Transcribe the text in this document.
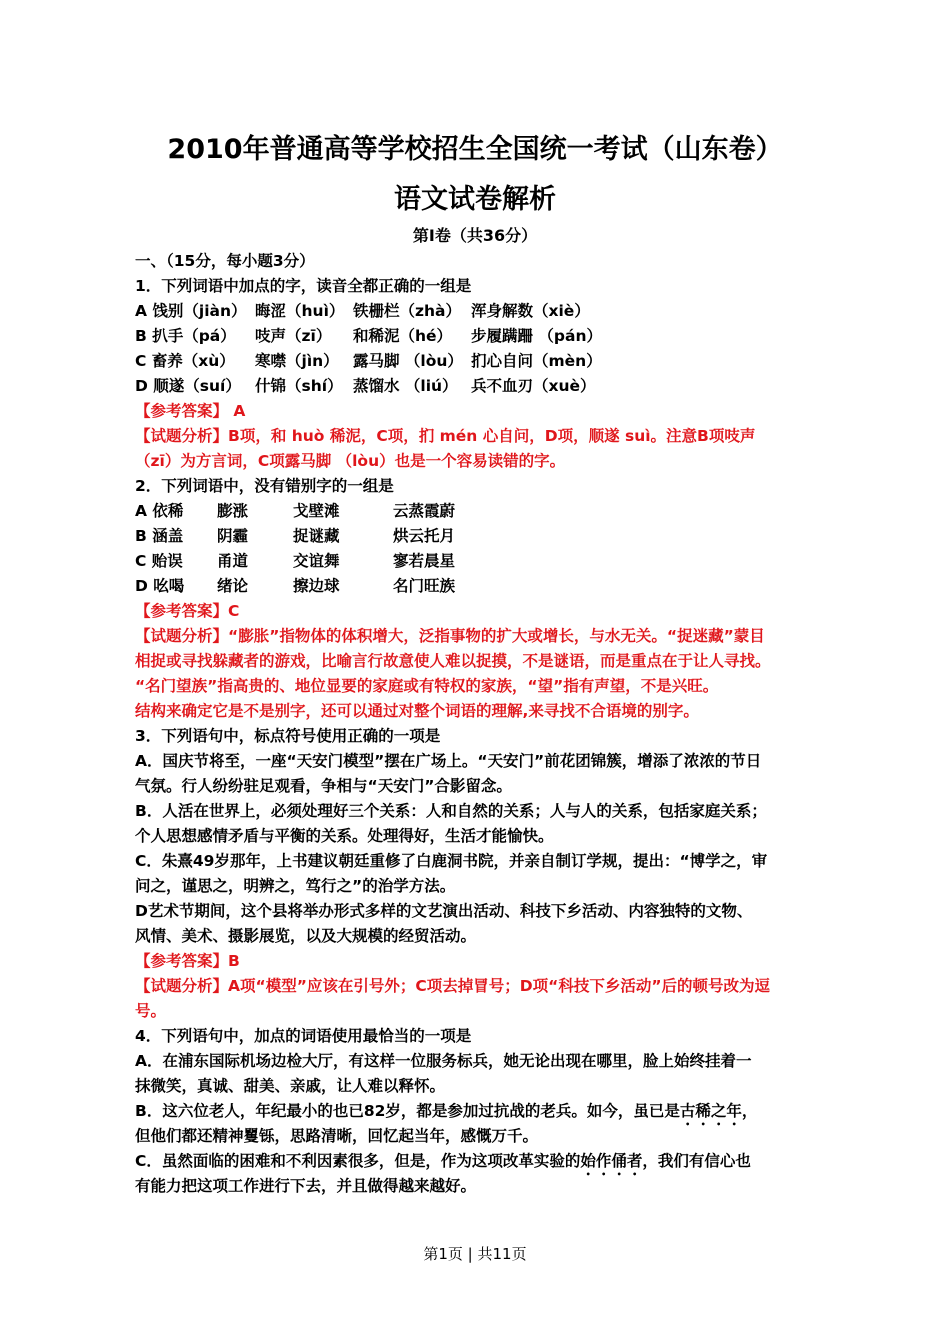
2010年普通高等学校招生全国统一考试（山东卷）
语文试卷解析
第Ⅰ卷（共36分）
一、（15分，每小题3分）
1．下列词语中加点的字，读音全都正确的一组是
A 饯别（jiàn） 晦涩（huì） 铁栅栏（zhà） 浑身解数（xiè）
B 扒手（pá） 吱声（zī） 和稀泥（hé） 步履蹒跚 （pán）
C 畜养（xù） 寒噤（jìn） 露马脚 （lòu） 扪心自问（mèn）
D 顺遂（suí） 什锦（shí） 蒸馏水 （liú） 兵不血刃（xuè）
【参考答案】 A
【试题分析】B项，和 huò 稀泥，C项，扪 mén 心自问，D项，顺遂 suì。注意B项吱声
（zī）为方言词，C项露马脚 （lòu）也是一个容易读错的字。
2．下列词语中，没有错别字的一组是
A 依稀 膨涨	戈壁滩	云蒸霞蔚
B 涵盖 阴霾	捉谜藏	烘云托月
C 贻误 甬道	交谊舞	寥若晨星
D 吆喝 绪论	擦边球	名门旺族
【参考答案】C
【试题分析】“膨胀”指物体的体积增大，泛指事物的扩大或增长，与水无关。“捉迷藏”蒙目
相捉或寻找躲藏者的游戏，比喻言行故意使人难以捉摸，不是谜语，而是重点在于让人寻找。
“名门望族”指高贵的、地位显要的家庭或有特权的家族，“望”指有声望，不是兴旺。
结构来确定它是不是别字，还可以通过对整个词语的理解,来寻找不合语境的别字。
3．下列语句中，标点符号使用正确的一项是
A．国庆节将至，一座“天安门模型”摆在广场上。“天安门”前花团锦簇，增添了浓浓的节日
气氛。行人纷纷驻足观看，争相与“天安门”合影留念。
B．人活在世界上，必须处理好三个关系：人和自然的关系；人与人的关系，包括家庭关系；
个人思想感情矛盾与平衡的关系。处理得好，生活才能愉快。
C．朱熹49岁那年，上书建议朝廷重修了白鹿洞书院，并亲自制订学规，提出：“博学之，审
问之，谨思之，明辨之，笃行之”的治学方法。
D艺术节期间，这个县将举办形式多样的文艺演出活动、科技下乡活动、内容独特的文物、
风情、美术、摄影展览，以及大规模的经贸活动。
【参考答案】B
【试题分析】A项“模型”应该在引号外；C项去掉冒号；D项“科技下乡活动”后的顿号改为逗
号。
4．下列语句中，加点的词语使用最恰当的一项是
A．在浦东国际机场边检大厅，有这样一位服务标兵，她无论出现在哪里，脸上始终挂着一
抹微笑，真诚、甜美、亲戚，让人难以释怀。
B．这六位老人，年纪最小的也已82岁，都是参加过抗战的老兵。如今，虽已是古稀之年，
但他们都还精神矍铄，思路清晰，回忆起当年，感慨万千。
C．虽然面临的困难和不利因素很多，但是，作为这项改革实验的始作俑者，我们有信心也
有能力把这项工作进行下去，并且做得越来越好。
第1页 | 共11页
